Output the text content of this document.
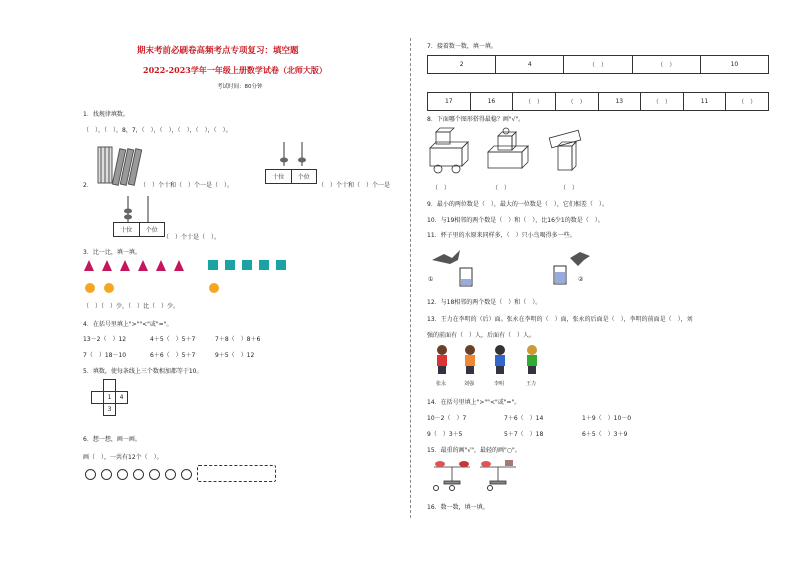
期末考前必刷卷高频考点专项复习：填空题
2022-2023学年一年级上册数学试卷（北师大版）
考试时间：80分钟
1．找规律填数。
（　），（　），8，7，（　），（　），（　），（　），（　）。
2．	（　）个十和（　）个一是（　）。
十位	个位
（　）个十和（　）个一是
十位	个位
（　）个十是（　）。
3．比一比，填一填。
（　）（　）少，（　）比（　）少。
4．在括号里填上">""<"或"="。
13－2（　）12	4＋5（　）5＋7	7＋8（　）8＋6
7（　）18－10	6＋6（　）5＋7	9＋5（　）12
5．填数，使每条线上三个数相加都等于10。
1	4
3
6．想一想，画一画。
画（　），一共有12个（　）。
7．接着数一数，填一填。
2	4	（　）	（　）	10
17	16	（　）	（　）	13	（　）	11	（　）
8．下面哪个图形搭得最稳？画"√"。
（　）	（　）	（　）
9．最小的两位数是（　），最大的一位数是（　），它们相差（　）。
10．与19相邻的两个数是（　）和（　），比16少1的数是（　）。
11．杯子里的水原来同样多，（　）只小鸟喝得多一些。
①	②
12．与18相邻的两个数是（　）和（　）。
13．王力在李明的（后）面。张永在李明的（　）面，张永的后面是（　），李明的前面是（　），刘
强的前面有（　）人，后面有（　）人。
张永	刘强	李明	王力
14．在括号里填上">""<"或"="。
10－2（　）7	7＋6（　）14	1＋9（　）10－0
9（　）3＋5	5＋7（　）18	6＋5（　）3＋9
15．最重的画"√"，最轻的画"○"。
16．数一数，填一填。
